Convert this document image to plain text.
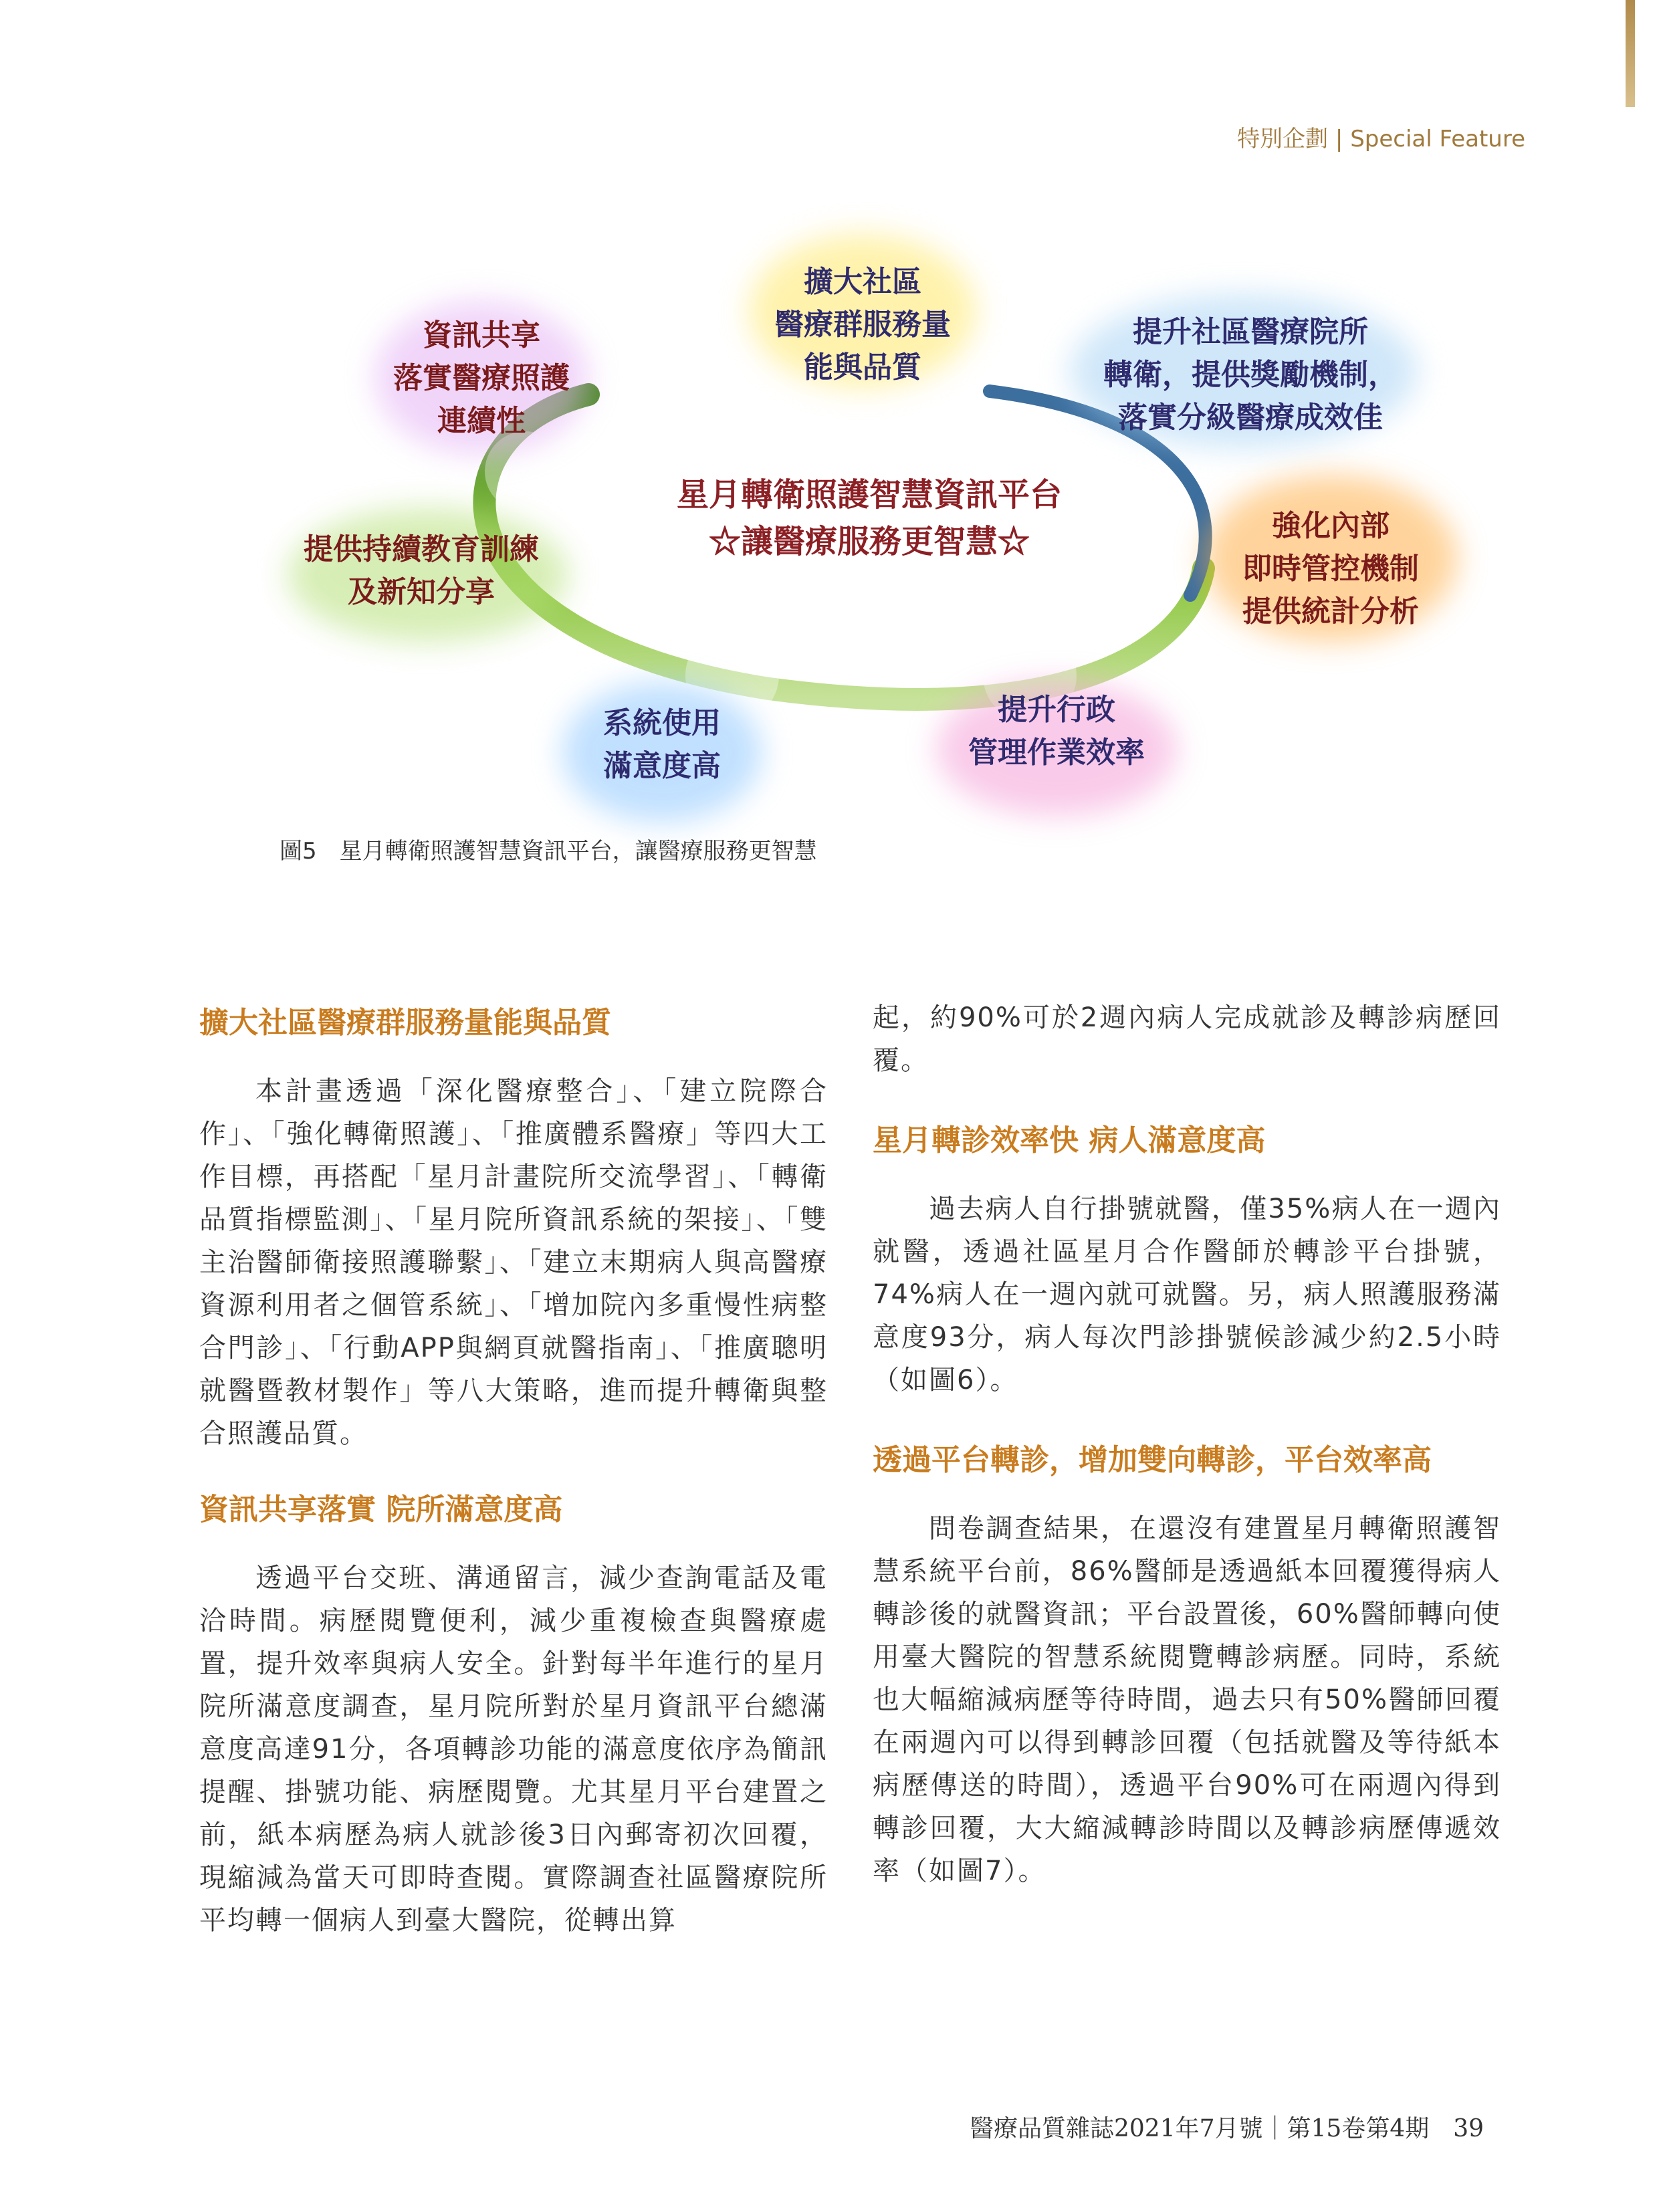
特別企劃 | Special Feature
擴大社區
醫療群服務量
能與品質
提升社區醫療院所
轉衛，提供獎勵機制，
落實分級醫療成效佳
強化內部
即時管控機制
提供統計分析
提升行政
管理作業效率
系統使用
滿意度高
提供持續教育訓練
及新知分享
資訊共享
落實醫療照護
連續性
星月轉衛照護智慧資訊平台
☆讓醫療服務更智慧☆
圖5　星月轉衛照護智慧資訊平台，讓醫療服務更智慧
擴大社區醫療群服務量能與品質

本計畫透過「深化醫療整合」、「建立院際合作」、「強化轉衛照護」、「推廣體系醫療」等四大工作目標，再搭配「星月計畫院所交流學習」、「轉衛品質指標監測」、「星月院所資訊系統的架接」、「雙主治醫師衛接照護聯繫」、「建立末期病人與高醫療資源利用者之個管系統」、「增加院內多重慢性病整合門診」、「行動APP與網頁就醫指南」、「推廣聰明就醫暨教材製作」等八大策略，進而提升轉衛與整合照護品質。

資訊共享落實 院所滿意度高

透過平台交班、溝通留言，減少查詢電話及電洽時間。病歷閱覽便利，減少重複檢查與醫療處置，提升效率與病人安全。針對每半年進行的星月院所滿意度調查，星月院所對於星月資訊平台總滿意度高達91分，各項轉診功能的滿意度依序為簡訊提醒、掛號功能、病歷閱覽。尤其星月平台建置之前，紙本病歷為病人就診後3日內郵寄初次回覆，現縮減為當天可即時查閱。實際調查社區醫療院所平均轉一個病人到臺大醫院，從轉出算

起，約90%可於2週內病人完成就診及轉診病歷回覆。

星月轉診效率快 病人滿意度高

過去病人自行掛號就醫，僅35%病人在一週內就醫，透過社區星月合作醫師於轉診平台掛號，74%病人在一週內就可就醫。另，病人照護服務滿意度93分，病人每次門診掛號候診減少約2.5小時（如圖6）。

透過平台轉診，增加雙向轉診，平台效率高

問卷調查結果，在還沒有建置星月轉衛照護智慧系統平台前，86%醫師是透過紙本回覆獲得病人轉診後的就醫資訊；平台設置後，60%醫師轉向使用臺大醫院的智慧系統閱覽轉診病歷。同時，系統也大幅縮減病歷等待時間，過去只有50%醫師回覆在兩週內可以得到轉診回覆（包括就醫及等待紙本病歷傳送的時間），透過平台90%可在兩週內得到轉診回覆，大大縮減轉診時間以及轉診病歷傳遞效率（如圖7）。

醫療品質雜誌2021年7月號｜第15卷第4期　39
